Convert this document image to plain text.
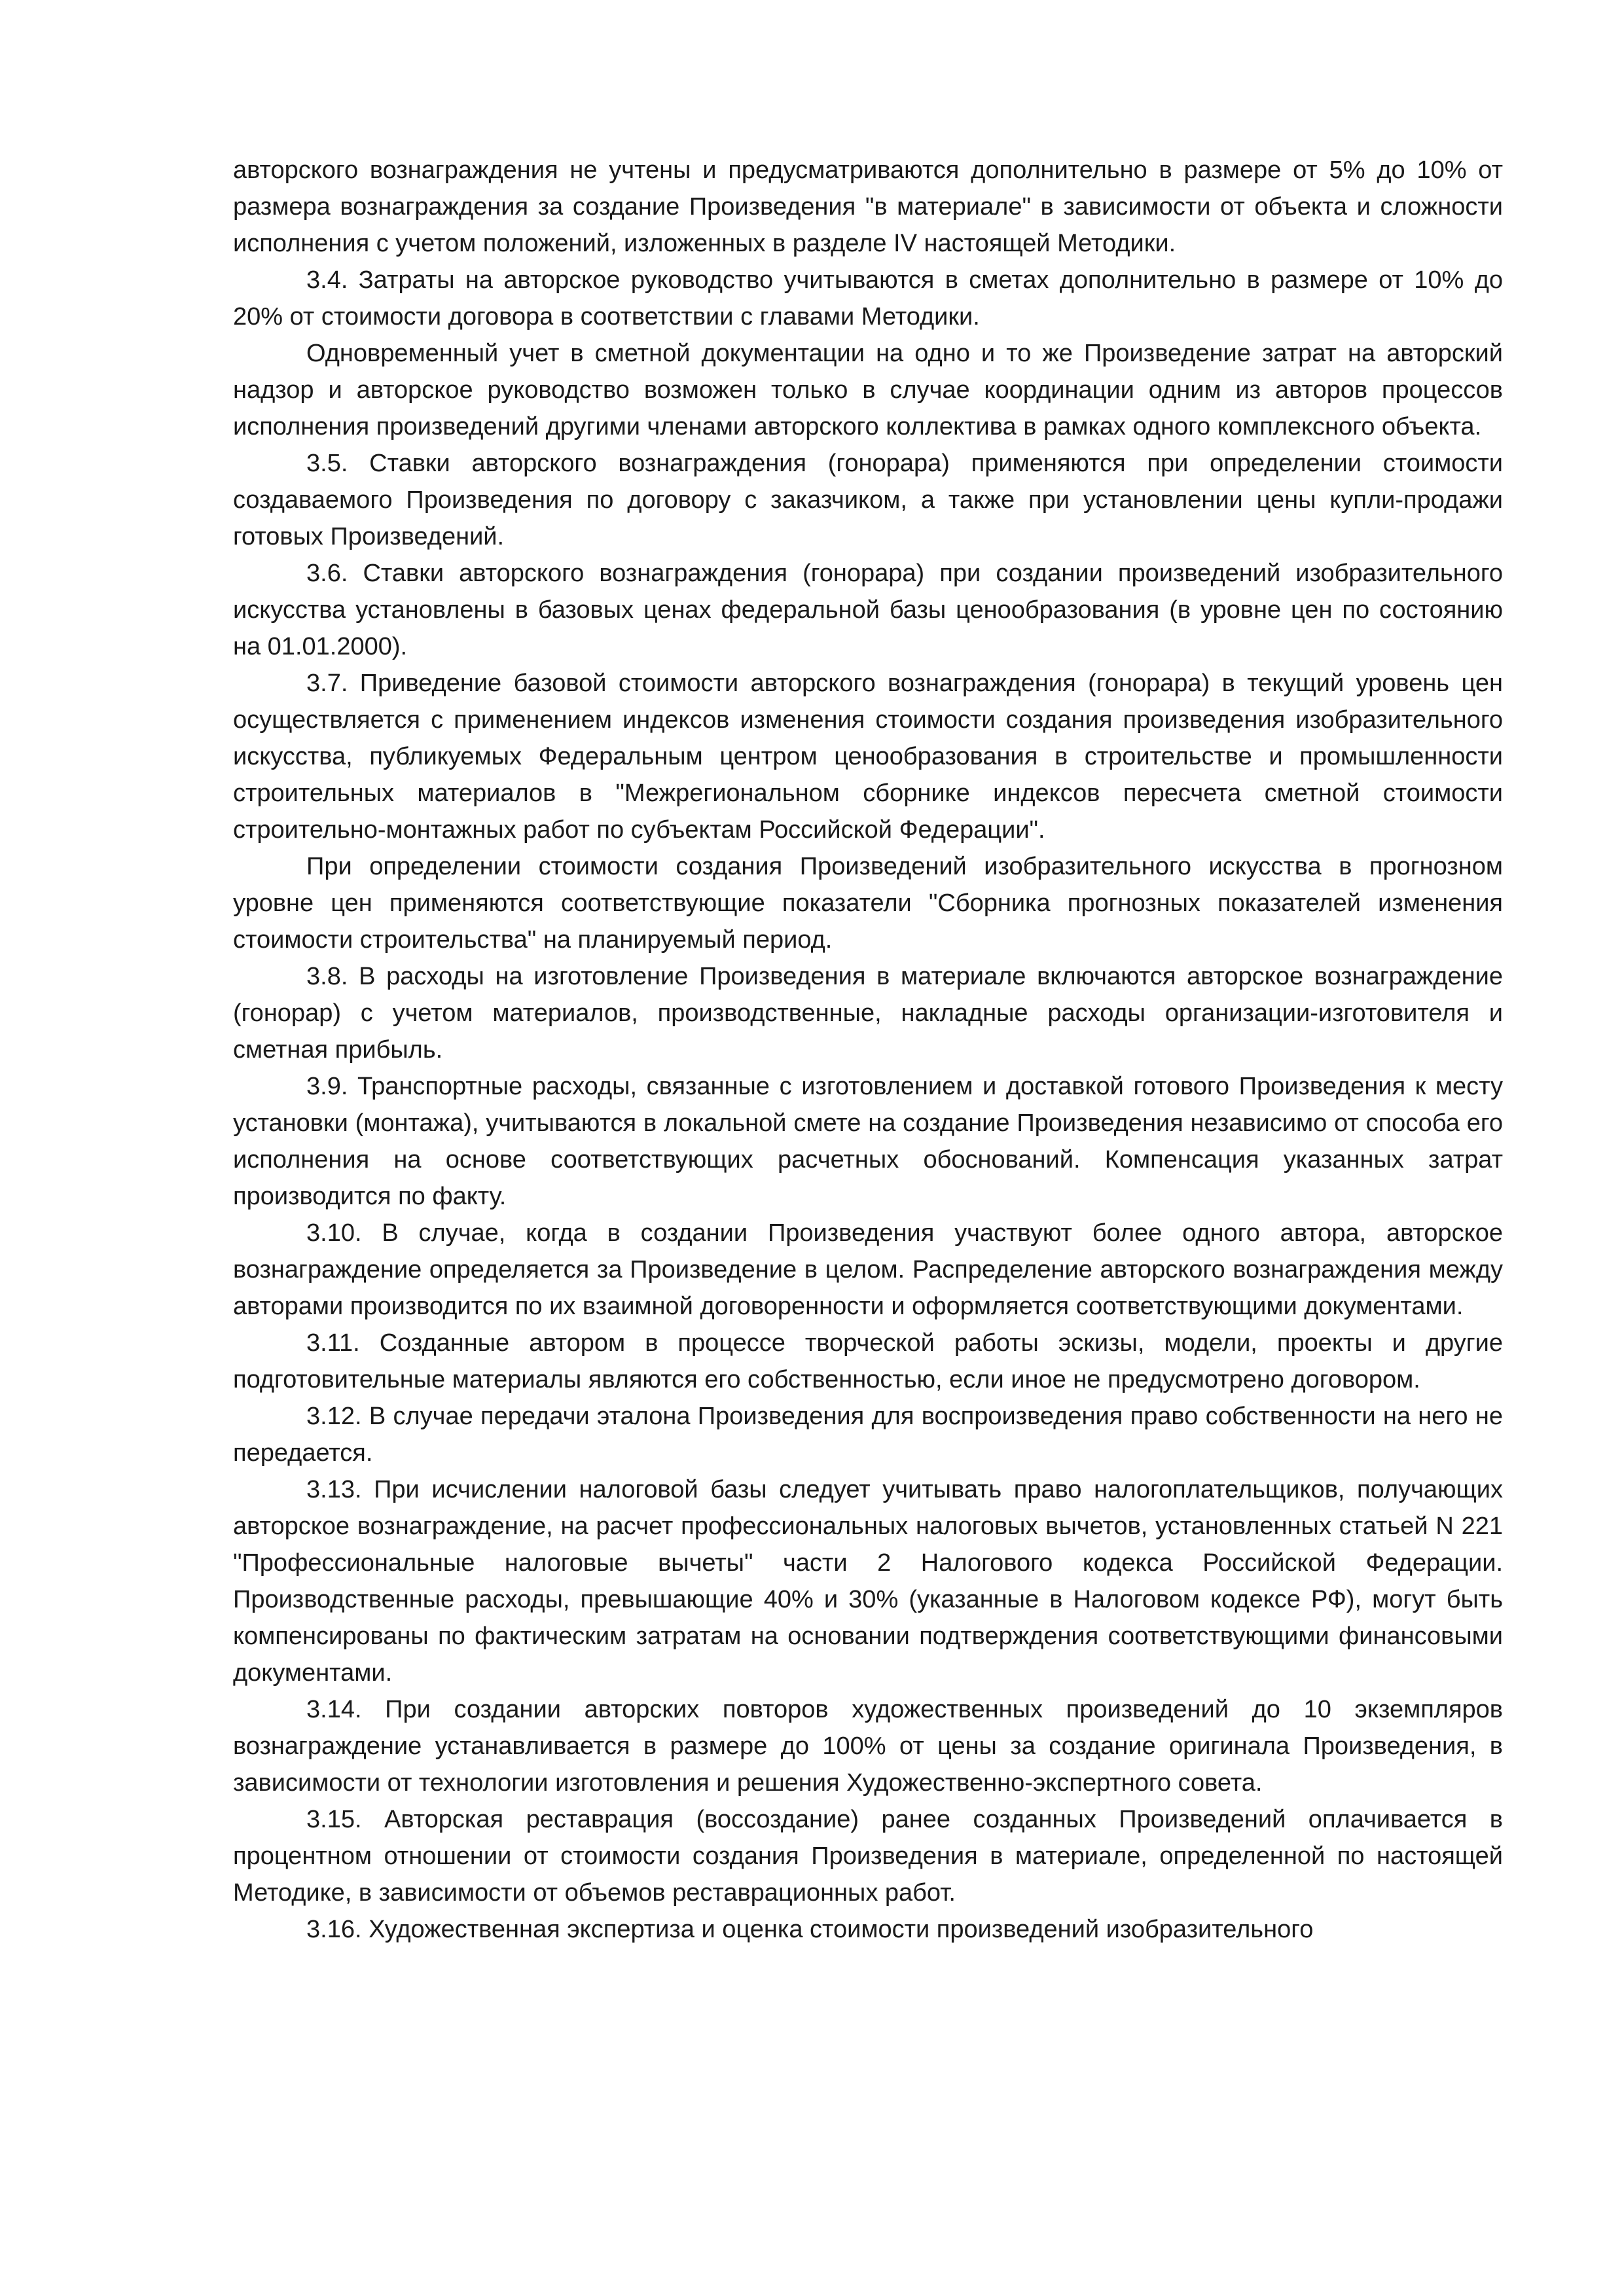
авторского вознаграждения не учтены и предусматриваются дополнительно в размере от 5% до 10% от размера вознаграждения за создание Произведения "в материале" в зависимости от объекта и сложности исполнения с учетом положений, изложенных в разделе IV настоящей Методики.

3.4. Затраты на авторское руководство учитываются в сметах дополнительно в размере от 10% до 20% от стоимости договора в соответствии с главами Методики.

Одновременный учет в сметной документации на одно и то же Произведение затрат на авторский надзор и авторское руководство возможен только в случае координации одним из авторов процессов исполнения произведений другими членами авторского коллектива в рамках одного комплексного объекта.

3.5. Ставки авторского вознаграждения (гонорара) применяются при определении стоимости создаваемого Произведения по договору с заказчиком, а также при установлении цены купли-продажи готовых Произведений.

3.6. Ставки авторского вознаграждения (гонорара) при создании произведений изобразительного искусства установлены в базовых ценах федеральной базы ценообразования (в уровне цен по состоянию на 01.01.2000).

3.7. Приведение базовой стоимости авторского вознаграждения (гонорара) в текущий уровень цен осуществляется с применением индексов изменения стоимости создания произведения изобразительного искусства, публикуемых Федеральным центром ценообразования в строительстве и промышленности строительных материалов в "Межрегиональном сборнике индексов пересчета сметной стоимости строительно-монтажных работ по субъектам Российской Федерации".

При определении стоимости создания Произведений изобразительного искусства в прогнозном уровне цен применяются соответствующие показатели "Сборника прогнозных показателей изменения стоимости строительства" на планируемый период.

3.8. В расходы на изготовление Произведения в материале включаются авторское вознаграждение (гонорар) с учетом материалов, производственные, накладные расходы организации-изготовителя и сметная прибыль.

3.9. Транспортные расходы, связанные с изготовлением и доставкой готового Произведения к месту установки (монтажа), учитываются в локальной смете на создание Произведения независимо от способа его исполнения на основе соответствующих расчетных обоснований. Компенсация указанных затрат производится по факту.

3.10. В случае, когда в создании Произведения участвуют более одного автора, авторское вознаграждение определяется за Произведение в целом. Распределение авторского вознаграждения между авторами производится по их взаимной договоренности и оформляется соответствующими документами.

3.11. Созданные автором в процессе творческой работы эскизы, модели, проекты и другие подготовительные материалы являются его собственностью, если иное не предусмотрено договором.

3.12. В случае передачи эталона Произведения для воспроизведения право собственности на него не передается.

3.13. При исчислении налоговой базы следует учитывать право налогоплательщиков, получающих авторское вознаграждение, на расчет профессиональных налоговых вычетов, установленных статьей N 221 "Профессиональные налоговые вычеты" части 2 Налогового кодекса Российской Федерации. Производственные расходы, превышающие 40% и 30% (указанные в Налоговом кодексе РФ), могут быть компенсированы по фактическим затратам на основании подтверждения соответствующими финансовыми документами.

3.14. При создании авторских повторов художественных произведений до 10 экземпляров вознаграждение устанавливается в размере до 100% от цены за создание оригинала Произведения, в зависимости от технологии изготовления и решения Художественно-экспертного совета.

3.15. Авторская реставрация (воссоздание) ранее созданных Произведений оплачивается в процентном отношении от стоимости создания Произведения в материале, определенной по настоящей Методике, в зависимости от объемов реставрационных работ.

3.16. Художественная экспертиза и оценка стоимости произведений изобразительного
